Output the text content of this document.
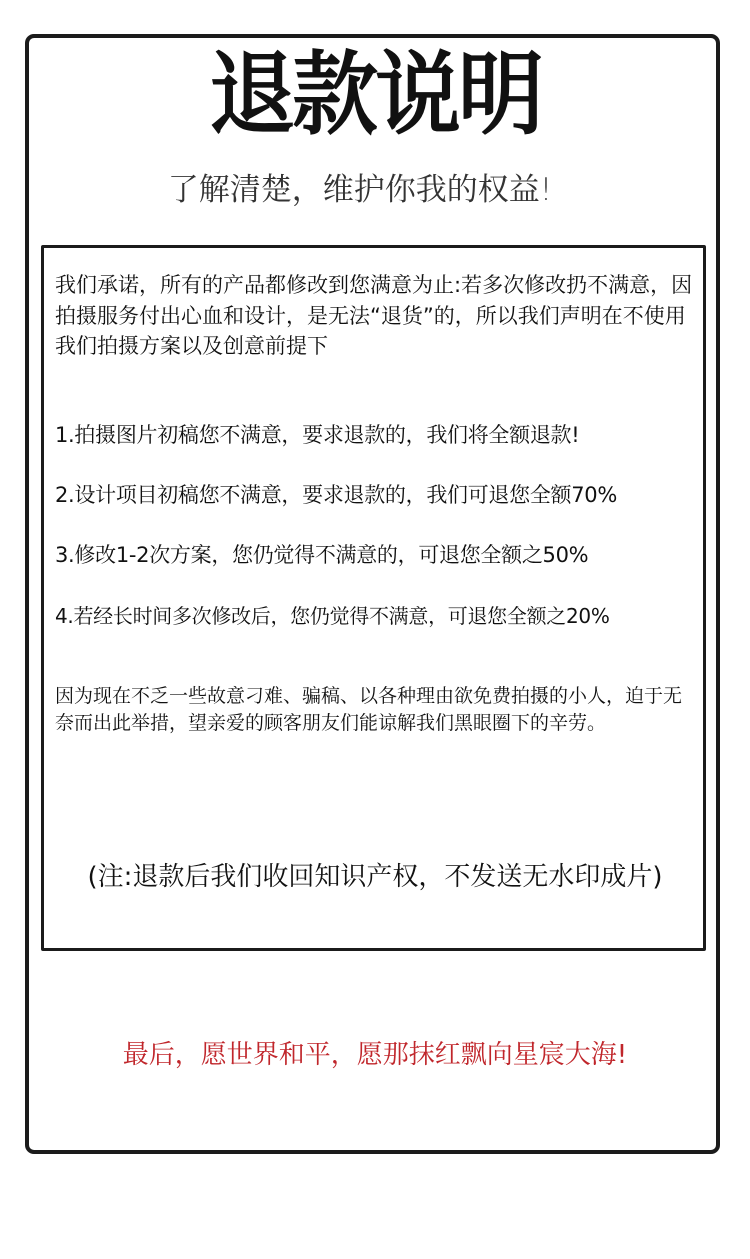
退款说明
了解清楚，维护你我的权益!
我们承诺，所有的产品都修改到您满意为止:若多次修改扔不满意，因拍摄服务付出心血和设计，是无法“退货”的，所以我们声明在不使用我们拍摄方案以及创意前提下
1.拍摄图片初稿您不满意，要求退款的，我们将全额退款!
2.设计项目初稿您不满意，要求退款的，我们可退您全额70%
3.修改1-2次方案，您仍觉得不满意的，可退您全额之50%
4.若经长时间多次修改后，您仍觉得不满意，可退您全额之20%
因为现在不乏一些故意刁难、骗稿、以各种理由欲免费拍摄的小人，迫于无奈而出此举措，望亲爱的顾客朋友们能谅解我们黑眼圈下的辛劳。
(注:退款后我们收回知识产权，不发送无水印成片)
最后，愿世界和平，愿那抹红飘向星宸大海!
